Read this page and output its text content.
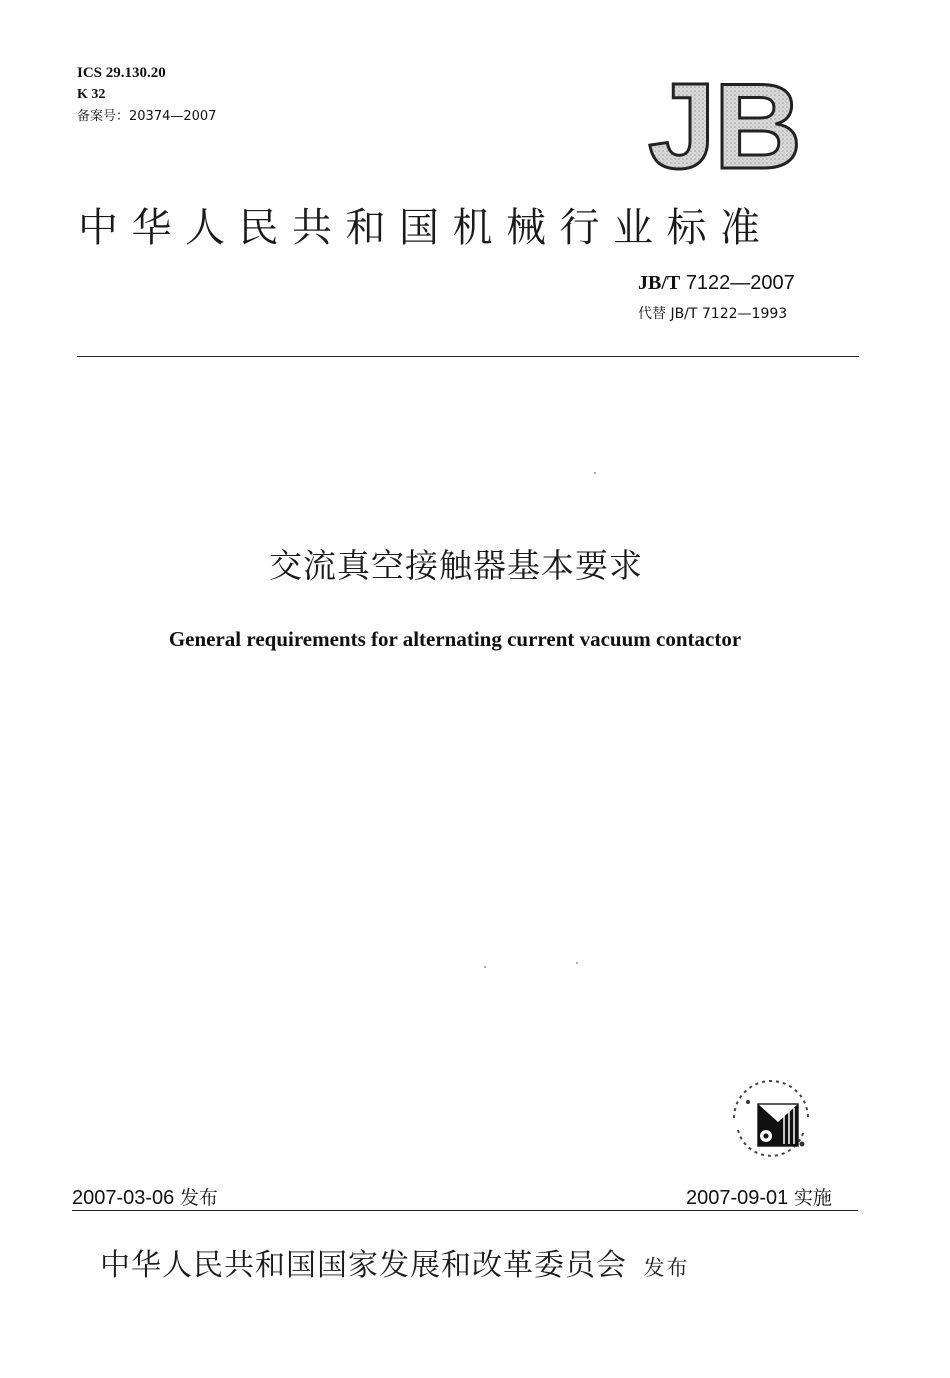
ICS 29.130.20
K 32
备案号：20374—2007	JB
中华人民共和国机械行业标准
JB/T 7122—2007
代替 JB/T 7122—1993
交流真空接触器基本要求
General requirements for alternating current vacuum contactor
2007-03-06 发布	2007-09-01 实施
中华人民共和国国家发展和改革委员会 发布
